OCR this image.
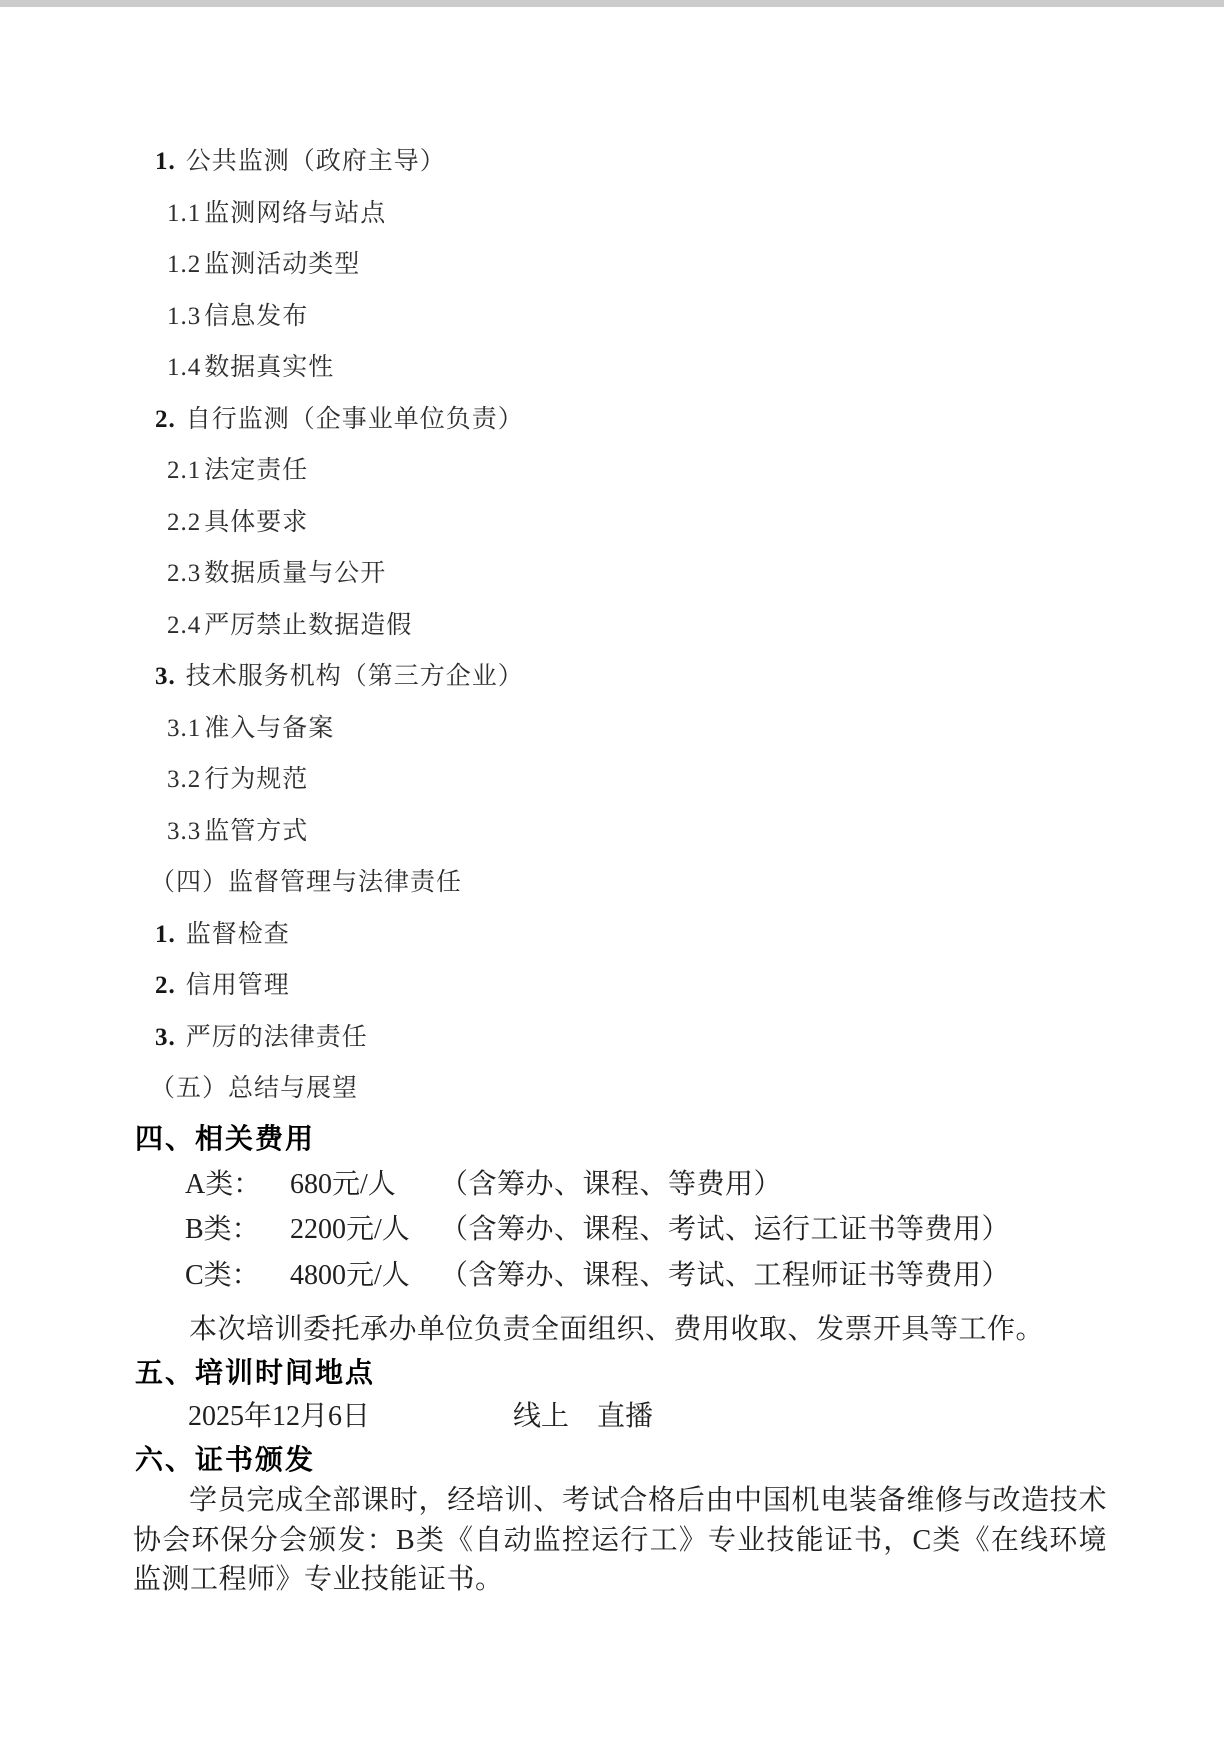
1. 公共监测（政府主导）
1.1 监测网络与站点
1.2 监测活动类型
1.3 信息发布
1.4 数据真实性
2. 自行监测（企事业单位负责）
2.1 法定责任
2.2 具体要求
2.3 数据质量与公开
2.4 严厉禁止数据造假
3. 技术服务机构（第三方企业）
3.1 准入与备案
3.2 行为规范
3.3 监管方式
（四）监督管理与法律责任
1. 监督检查
2. 信用管理
3. 严厉的法律责任
（五）总结与展望
四、相关费用
A类：	680元/人	（含筹办、课程、等费用）
B类：	2200元/人	（含筹办、课程、考试、运行工证书等费用）
C类：	4800元/人	（含筹办、课程、考试、工程师证书等费用）
本次培训委托承办单位负责全面组织、费用收取、发票开具等工作。
五、培训时间地点
2025年12月6日	线上　直播
六、证书颁发
学员完成全部课时，经培训、考试合格后由中国机电装备维修与改造技术协会环保分会颁发：B类《自动监控运行工》专业技能证书，C类《在线环境监测工程师》专业技能证书。
